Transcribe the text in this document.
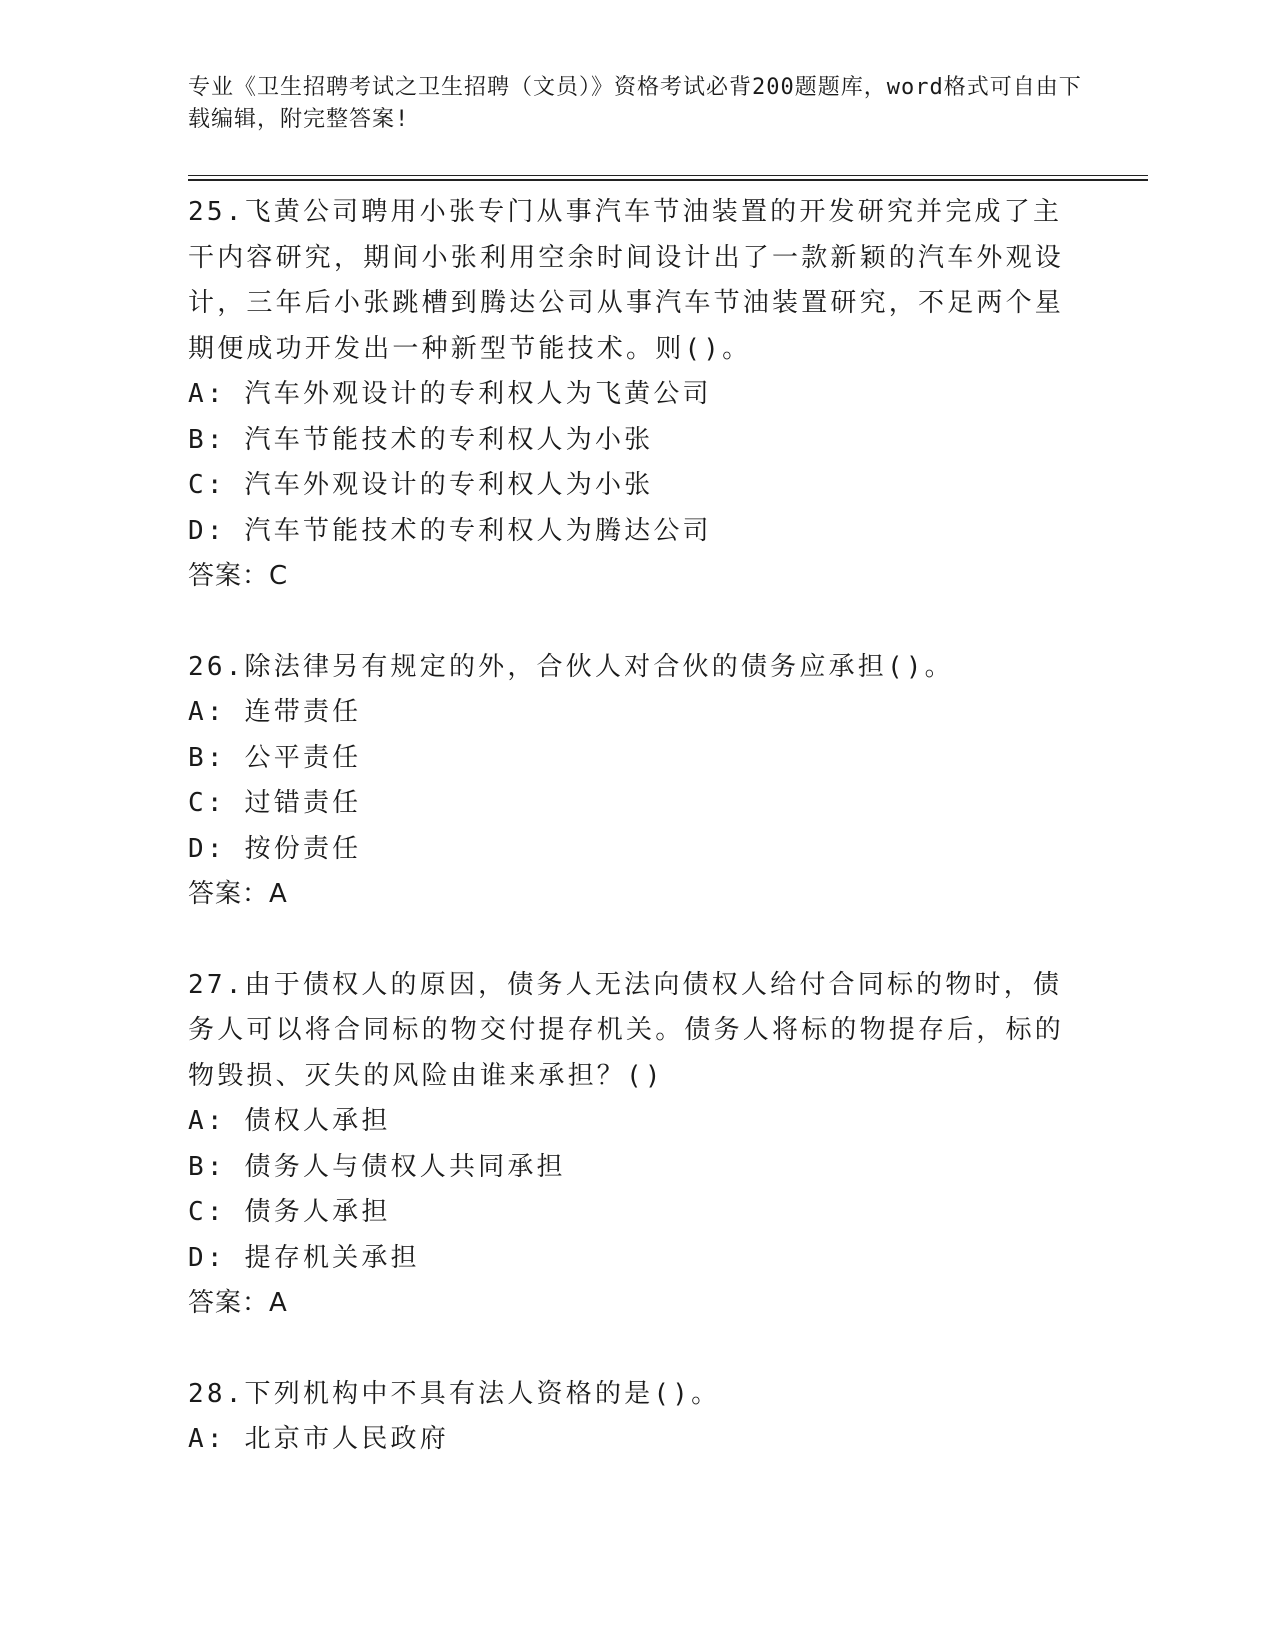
专业《卫生招聘考试之卫生招聘（文员）》资格考试必背200题题库，word格式可自由下载编辑，附完整答案!

25.飞黄公司聘用小张专门从事汽车节油装置的开发研究并完成了主干内容研究，期间小张利用空余时间设计出了一款新颖的汽车外观设计，三年后小张跳槽到腾达公司从事汽车节油装置研究，不足两个星期便成功开发出一种新型节能技术。则()。

A: 汽车外观设计的专利权人为飞黄公司

B: 汽车节能技术的专利权人为小张

C: 汽车外观设计的专利权人为小张

D: 汽车节能技术的专利权人为腾达公司

答案：C

26.除法律另有规定的外，合伙人对合伙的债务应承担()。

A: 连带责任

B: 公平责任

C: 过错责任

D: 按份责任

答案：A

27.由于债权人的原因，债务人无法向债权人给付合同标的物时，债务人可以将合同标的物交付提存机关。债务人将标的物提存后，标的物毁损、灭失的风险由谁来承担？()

A: 债权人承担

B: 债务人与债权人共同承担

C: 债务人承担

D: 提存机关承担

答案：A

28.下列机构中不具有法人资格的是()。

A: 北京市人民政府
